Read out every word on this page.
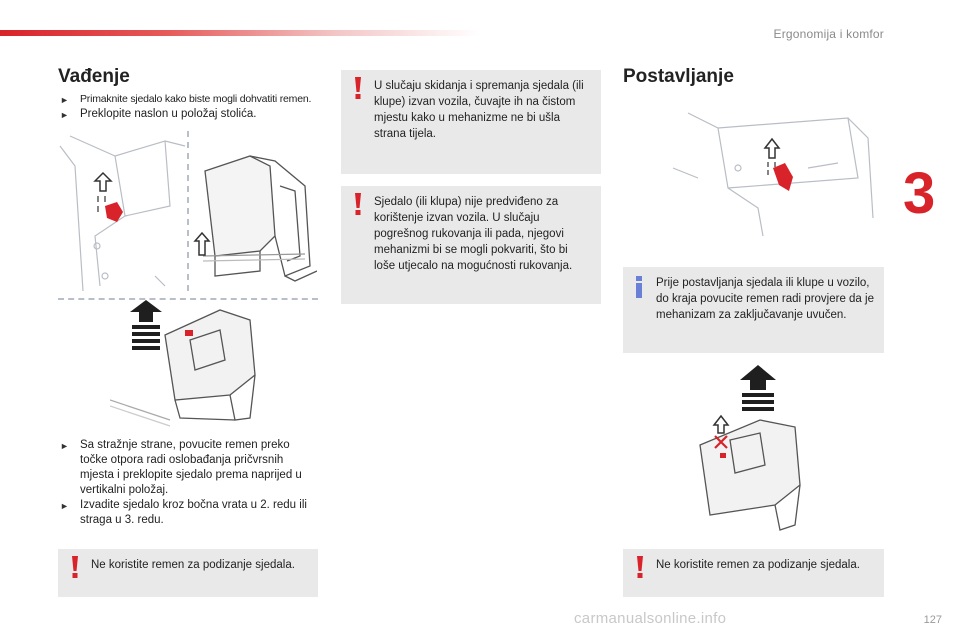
Ergonomija i komfor
3
Vađenje
► Primaknite sjedalo kako biste mogli dohvatiti remen.
► Preklopite naslon u položaj stolića.
► Sa stražnje strane, povucite remen preko točke otpora radi oslobađanja pričvrsnih mjesta i preklopite sjedalo prema naprijed u vertikalni položaj.
► Izvadite sjedalo kroz bočna vrata u 2. redu ili straga u 3. redu.
Ne koristite remen za podizanje sjedala.
U slučaju skidanja i spremanja sjedala (ili klupe) izvan vozila, čuvajte ih na čistom mjestu kako u mehanizme ne bi ušla strana tijela.
Sjedalo (ili klupa) nije predviđeno za korištenje izvan vozila. U slučaju pogrešnog rukovanja ili pada, njegovi mehanizmi bi se mogli pokvariti, što bi loše utjecalo na mogućnosti rukovanja.
Postavljanje
Prije postavljanja sjedala ili klupe u vozilo, do kraja povucite remen radi provjere da je mehanizam za zaključavanje uvučen.
Ne koristite remen za podizanje sjedala.
carmanualsonline.info	127
